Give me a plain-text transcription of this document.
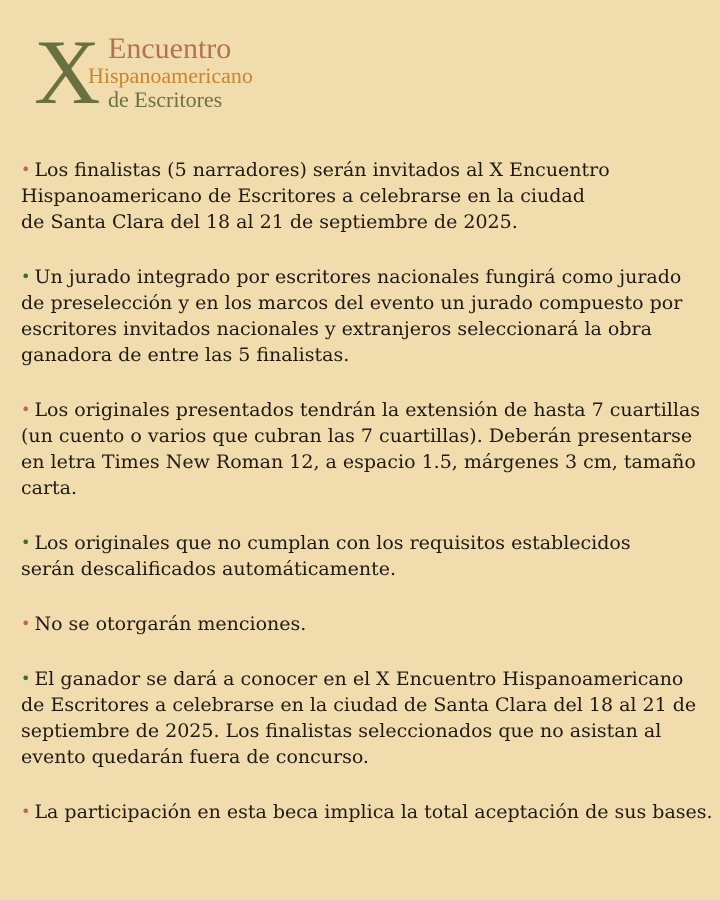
X Encuentro
Hispanoamericano
de Escritores
• Los finalistas (5 narradores) serán invitados al X Encuentro
Hispanoamericano de Escritores a celebrarse en la ciudad
de Santa Clara del 18 al 21 de septiembre de 2025.
• Un jurado integrado por escritores nacionales fungirá como jurado
de preselección y en los marcos del evento un jurado compuesto por
escritores invitados nacionales y extranjeros seleccionará la obra
ganadora de entre las 5 finalistas.
• Los originales presentados tendrán la extensión de hasta 7 cuartillas
(un cuento o varios que cubran las 7 cuartillas). Deberán presentarse
en letra Times New Roman 12, a espacio 1.5, márgenes 3 cm, tamaño
carta.
• Los originales que no cumplan con los requisitos establecidos
serán descalificados automáticamente.
• No se otorgarán menciones.
• El ganador se dará a conocer en el X Encuentro Hispanoamericano
de Escritores a celebrarse en la ciudad de Santa Clara del 18 al 21 de
septiembre de 2025. Los finalistas seleccionados que no asistan al
evento quedarán fuera de concurso.
• La participación en esta beca implica la total aceptación de sus bases.
